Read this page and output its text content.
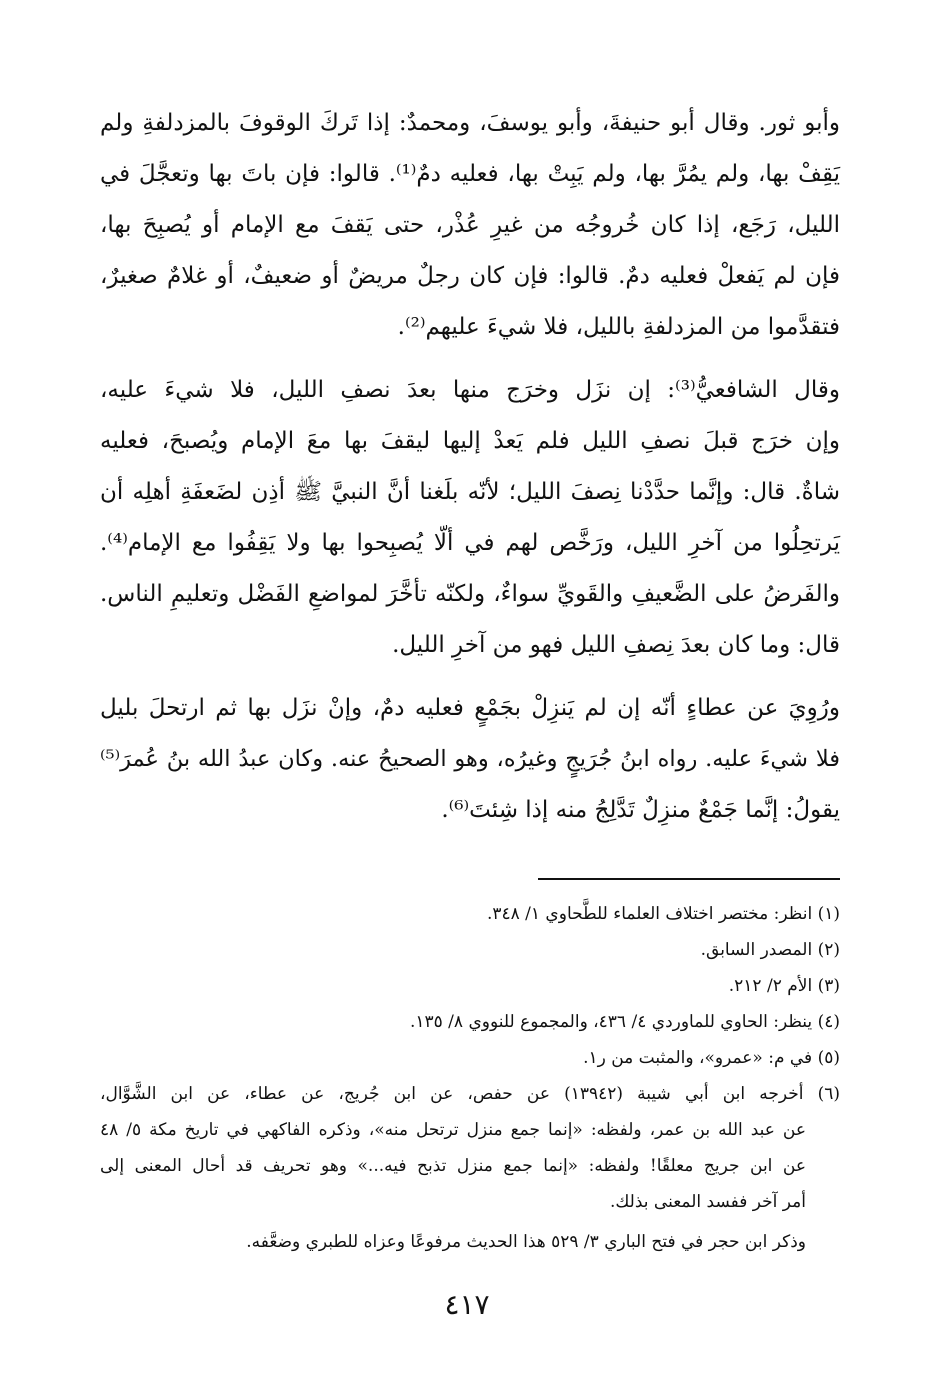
وأبو ثور. وقال أبو حنيفةَ، وأبو يوسفَ، ومحمدٌ: إذا تَركَ الوقوفَ بالمزدلفةِ ولم
يَقِفْ بها، ولم يمُرَّ بها، ولم يَبِتْ بها، فعليه دمٌ⁽¹⁾. قالوا: فإن باتَ بها وتعجَّلَ في
الليل، رَجَع، إذا كان خُروجُه من غيرِ عُذْر، حتى يَقفَ مع الإمام أو يُصبِحَ بها،
فإن لم يَفعلْ فعليه دمٌ. قالوا: فإن كان رجلٌ مريضٌ أو ضعيفٌ، أو غلامٌ صغيرٌ،
فتقدَّموا من المزدلفةِ بالليل، فلا شيءَ عليهم⁽²⁾.
وقال الشافعيُّ⁽³⁾: إن نزَل وخرَج منها بعدَ نصفِ الليل، فلا شيءَ عليه،
وإن خرَج قبلَ نصفِ الليل فلم يَعدْ إليها ليقفَ بها معَ الإمام ويُصبحَ، فعليه
شاةٌ. قال: وإنَّما حدَّدْنا نِصفَ الليل؛ لأنّه بلَغنا أنَّ النبيَّ ﷺ أذِن لضَعفَةِ أهلِه أن
يَرتحِلُوا من آخرِ الليل، ورَخَّص لهم في ألّا يُصبِحوا بها ولا يَقِفُوا مع الإمام⁽⁴⁾.
والفَرضُ على الضَّعيفِ والقَويِّ سواءٌ، ولكنّه تأخَّرَ لمواضعِ الفَضْل وتعليمِ الناس.
قال: وما كان بعدَ نِصفِ الليل فهو من آخرِ الليل.
ورُوِيَ عن عطاءٍ أنّه إن لم يَنزِلْ بجَمْعٍ فعليه دمٌ، وإنْ نزَل بها ثم ارتحلَ بليل
فلا شيءَ عليه. رواه ابنُ جُرَيجٍ وغيرُه، وهو الصحيحُ عنه. وكان عبدُ الله بنُ عُمرَ⁽⁵⁾
يقولُ: إنَّما جَمْعٌ منزِلٌ تَدَّلِجُ منه إذا شِئتَ⁽⁶⁾.
(١) انظر: مختصر اختلاف العلماء للطَّحاوي ١/ ٣٤٨.
(٢) المصدر السابق.
(٣) الأم ٢/ ٢١٢.
(٤) ينظر: الحاوي للماوردي ٤/ ٤٣٦، والمجموع للنووي ٨/ ١٣٥.
(٥) في م: «عمرو»، والمثبت من ر١.
(٦) أخرجه ابن أبي شيبة (١٣٩٤٢) عن حفص، عن ابن جُريج، عن عطاء، عن ابن الشَّوَّال،
عن عبد الله بن عمر، ولفظه: «إنما جمع منزل ترتحل منه»، وذكره الفاكهي في تاريخ مكة ٥/ ٤٨
عن ابن جريج معلقًا! ولفظه: «إنما جمع منزل تذبح فيه...» وهو تحريف قد أحال المعنى إلى
أمر آخر ففسد المعنى بذلك.
وذكر ابن حجر في فتح الباري ٣/ ٥٢٩ هذا الحديث مرفوعًا وعزاه للطبري وضعَّفه.
٤١٧
